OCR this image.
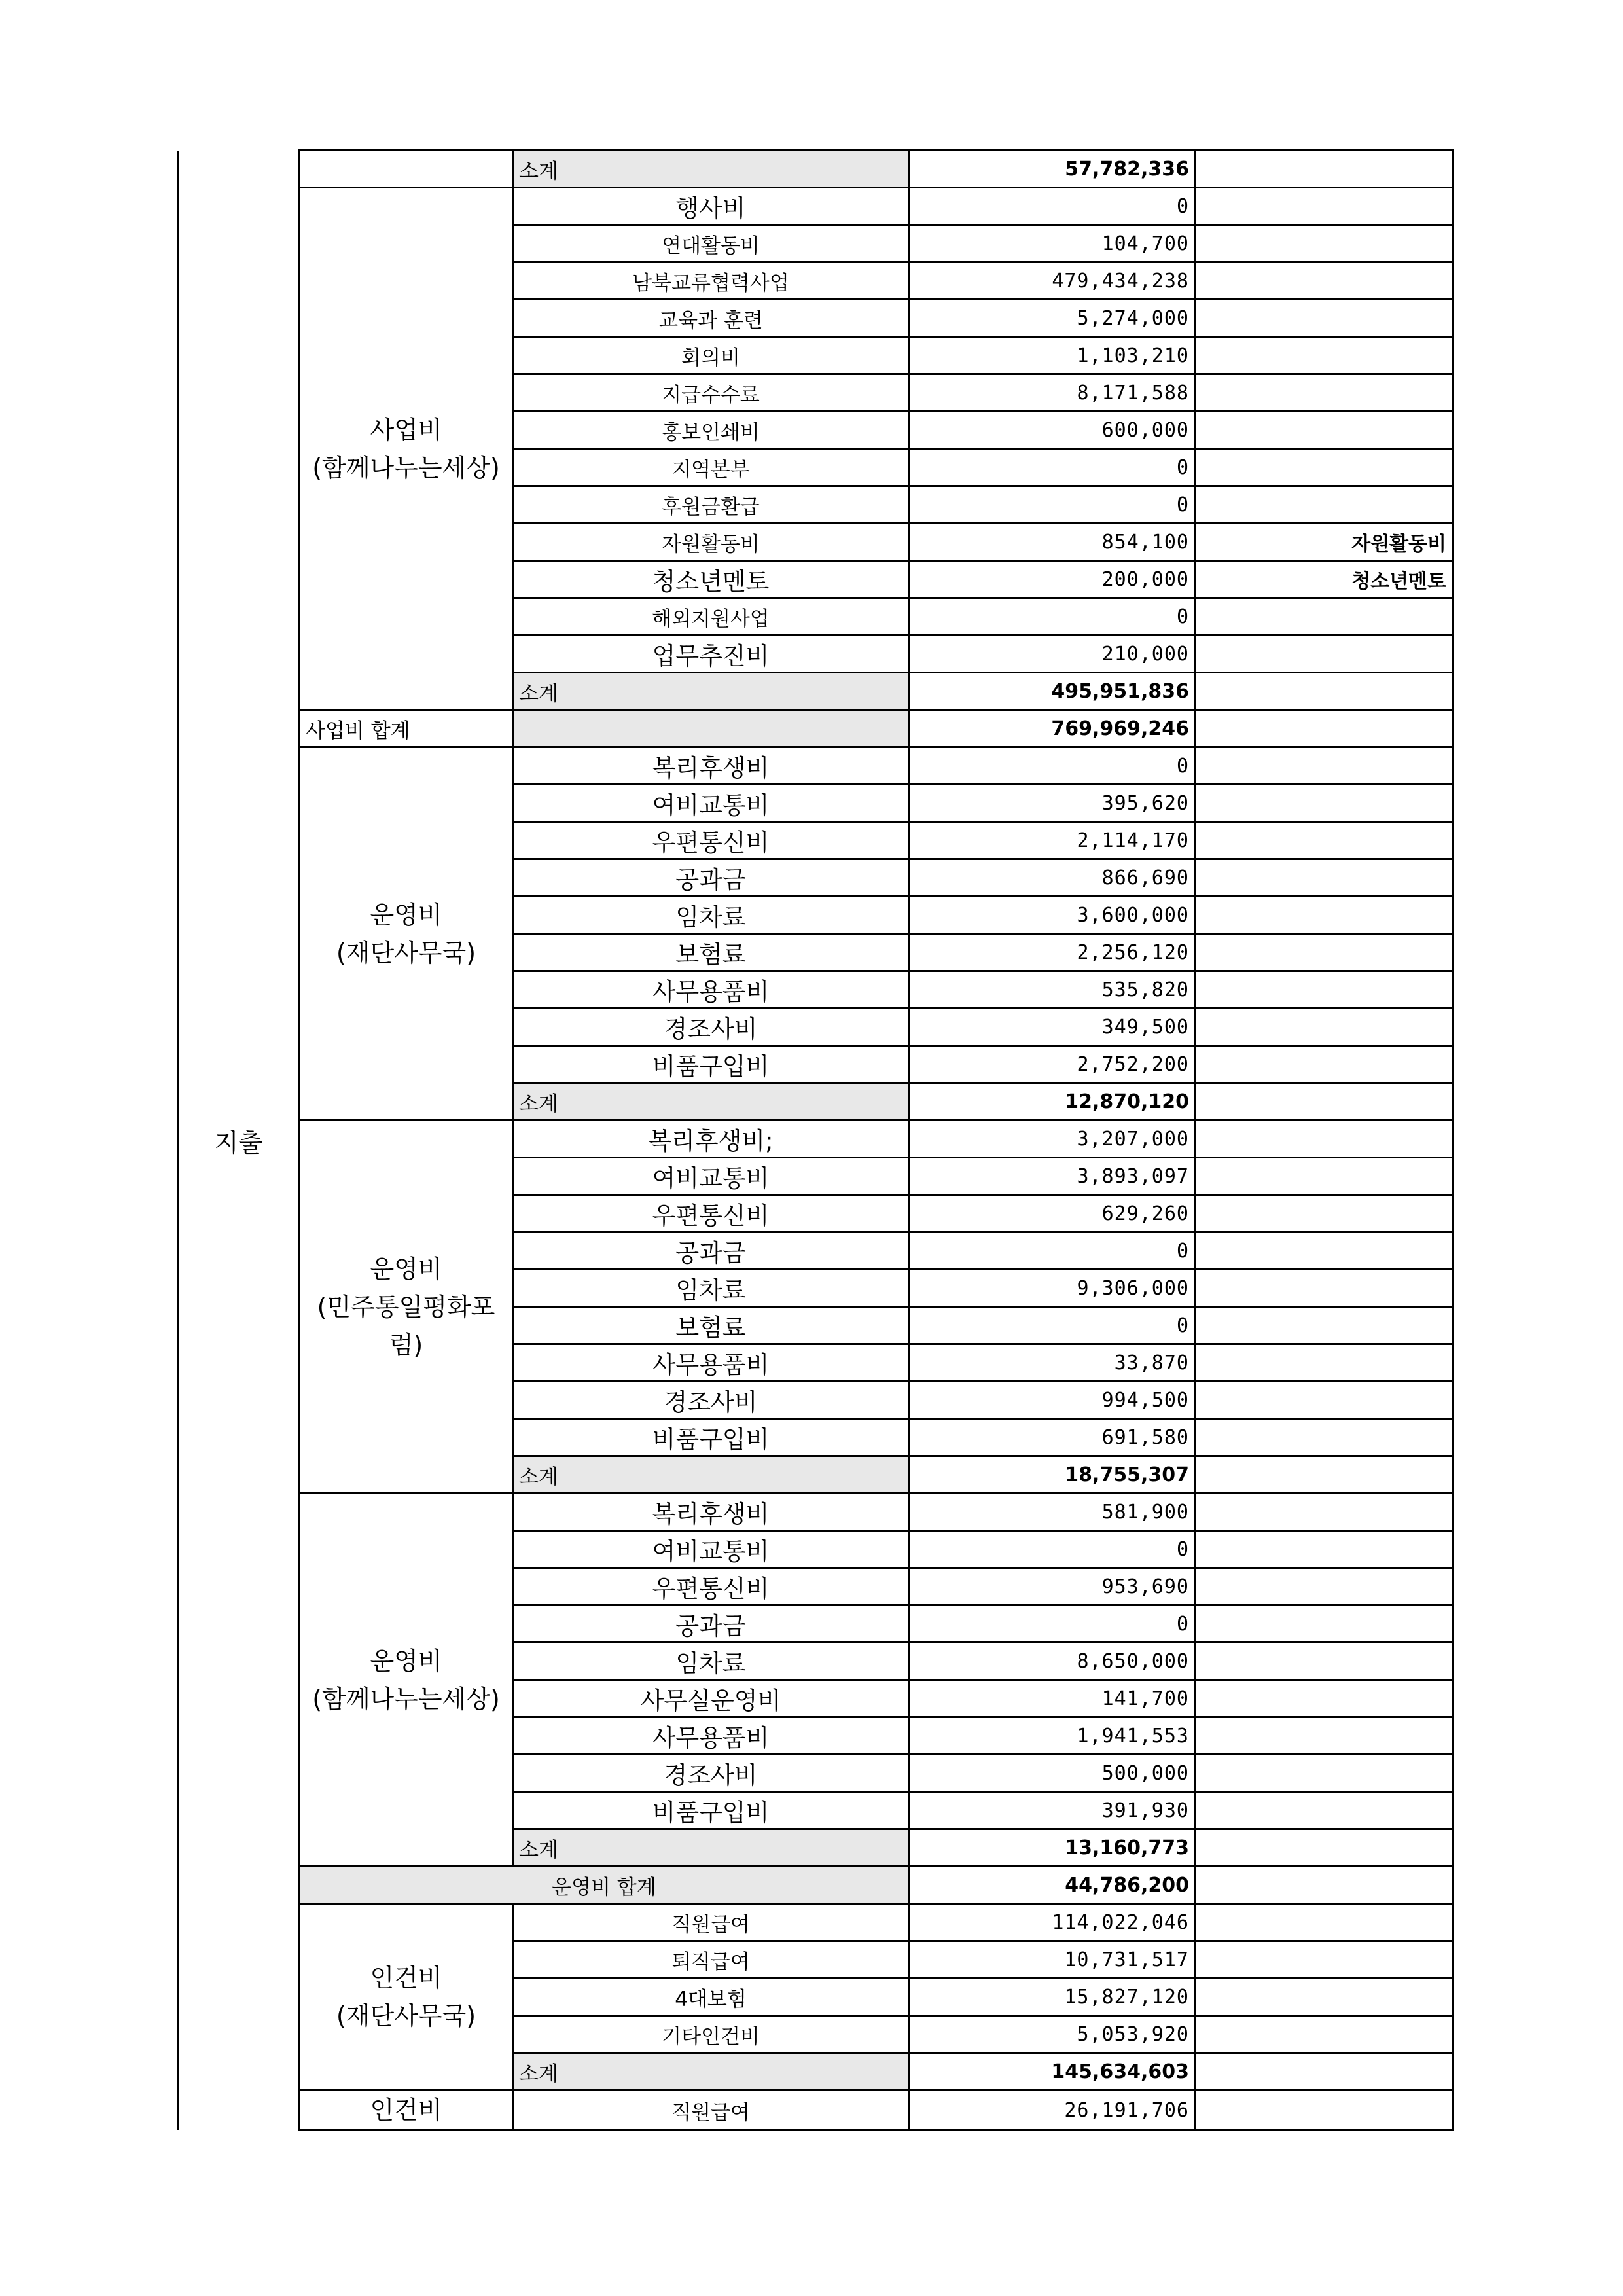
지출		소계	57,782,336	
	사업비
(함께나누는세상)	행사비	0	
		연대활동비	104,700	
		남북교류협력사업	479,434,238	
		교육과 훈련	5,274,000	
		회의비	1,103,210	
		지급수수료	8,171,588	
		홍보인쇄비	600,000	
		지역본부	0	
		후원금환급	0	
		자원활동비	854,100	자원활동비
		청소년멘토	200,000	청소년멘토
		해외지원사업	0	
		업무추진비	210,000	
		소계	495,951,836	
	사업비 합계		769,969,246	
	운영비
(재단사무국)	복리후생비	0	
		여비교통비	395,620	
		우편통신비	2,114,170	
		공과금	866,690	
		임차료	3,600,000	
		보험료	2,256,120	
		사무용품비	535,820	
		경조사비	349,500	
		비품구입비	2,752,200	
		소계	12,870,120	
	운영비
(민주통일평화포
럼)	복리후생비;	3,207,000	
		여비교통비	3,893,097	
		우편통신비	629,260	
		공과금	0	
		임차료	9,306,000	
		보험료	0	
		사무용품비	33,870	
		경조사비	994,500	
		비품구입비	691,580	
		소계	18,755,307	
	운영비
(함께나누는세상)	복리후생비	581,900	
		여비교통비	0	
		우편통신비	953,690	
		공과금	0	
		임차료	8,650,000	
		사무실운영비	141,700	
		사무용품비	1,941,553	
		경조사비	500,000	
		비품구입비	391,930	
		소계	13,160,773	
	운영비 합계		44,786,200	
	인건비
(재단사무국)	직원급여	114,022,046	
		퇴직급여	10,731,517	
		4대보험	15,827,120	
		기타인건비	5,053,920	
		소계	145,634,603	
	인건비	직원급여	26,191,706	
